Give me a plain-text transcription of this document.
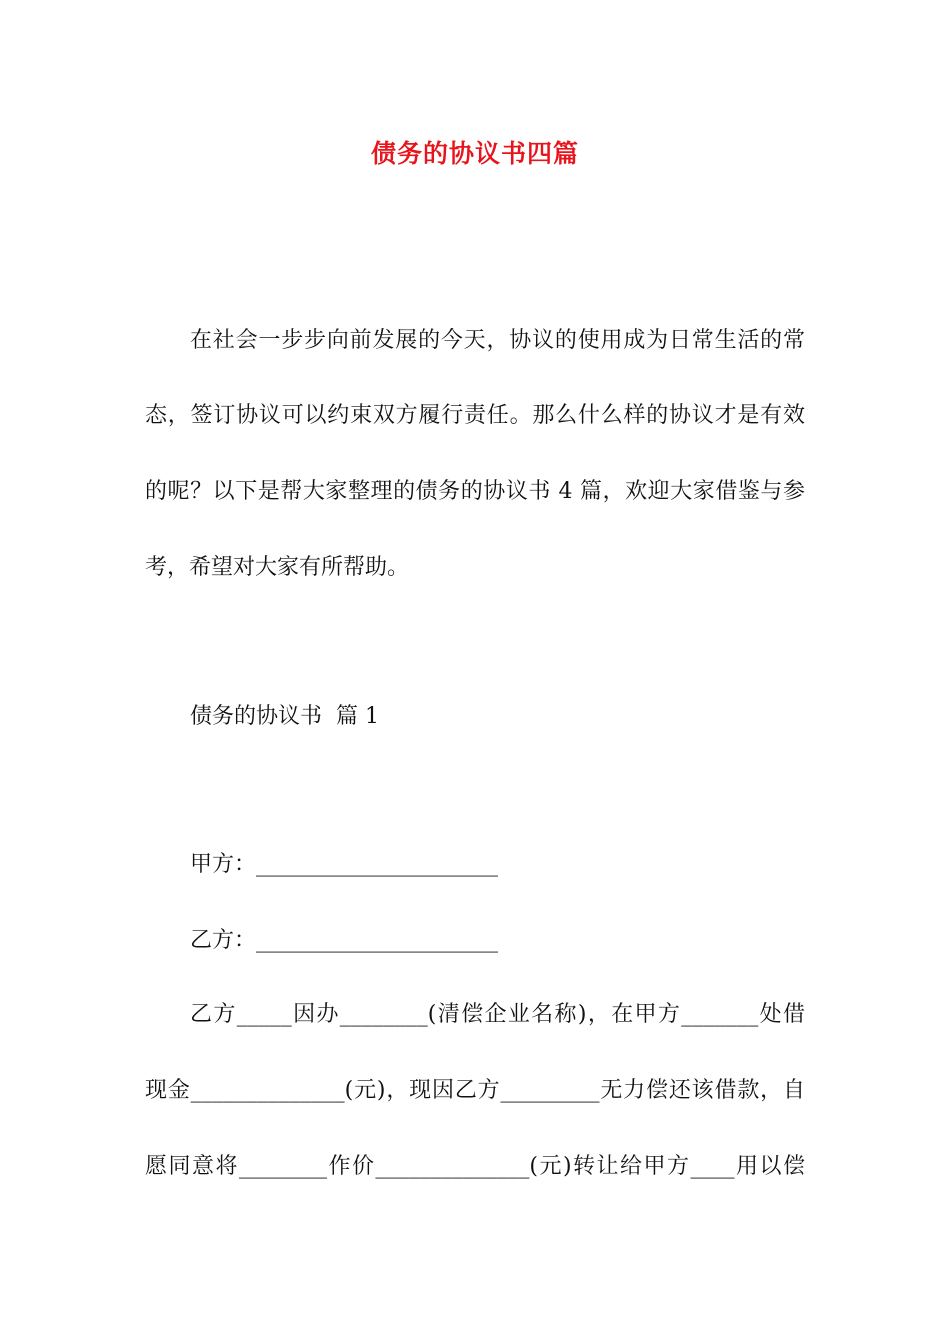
债务的协议书四篇
在社会一步步向前发展的今天，协议的使用成为日常生活的常
态，签订协议可以约束双方履行责任。那么什么样的协议才是有效
的呢？以下是帮大家整理的债务的协议书 4 篇，欢迎大家借鉴与参
考，希望对大家有所帮助。
债务的协议书  篇 1
甲方：______________________
乙方：______________________
乙方_____因办________(清偿企业名称)，在甲方_______处借
现金______________(元)，现因乙方_________无力偿还该借款，自
愿同意将________作价______________(元)转让给甲方____用以偿
